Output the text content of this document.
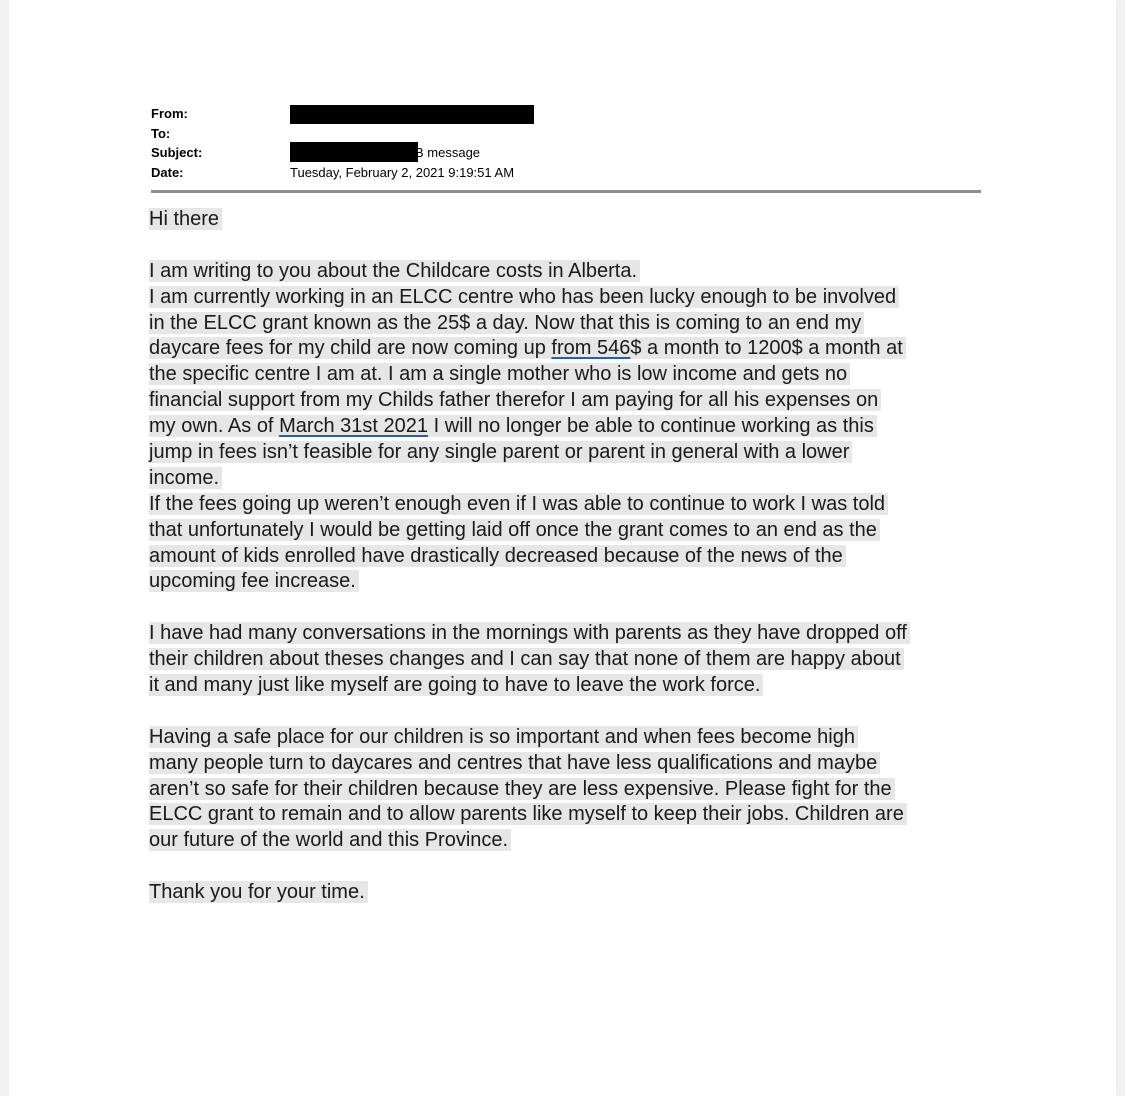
From:
To:
Subject:	ELCC Rural Alberta FB message
Date:	Tuesday, February 2, 2021 9:19:51 AM
Hi there
I am writing to you about the Childcare costs in Alberta.
I am currently working in an ELCC centre who has been lucky enough to be involved
in the ELCC grant known as the 25$ a day. Now that this is coming to an end my
daycare fees for my child are now coming up from 546$ a month to 1200$ a month at
the specific centre I am at. I am a single mother who is low income and gets no
financial support from my Childs father therefor I am paying for all his expenses on
my own. As of March 31st 2021 I will no longer be able to continue working as this
jump in fees isn’t feasible for any single parent or parent in general with a lower
income.
If the fees going up weren’t enough even if I was able to continue to work I was told
that unfortunately I would be getting laid off once the grant comes to an end as the
amount of kids enrolled have drastically decreased because of the news of the
upcoming fee increase.
I have had many conversations in the mornings with parents as they have dropped off
their children about theses changes and I can say that none of them are happy about
it and many just like myself are going to have to leave the work force.
Having a safe place for our children is so important and when fees become high
many people turn to daycares and centres that have less qualifications and maybe
aren’t so safe for their children because they are less expensive. Please fight for the
ELCC grant to remain and to allow parents like myself to keep their jobs. Children are
our future of the world and this Province.
Thank you for your time.
